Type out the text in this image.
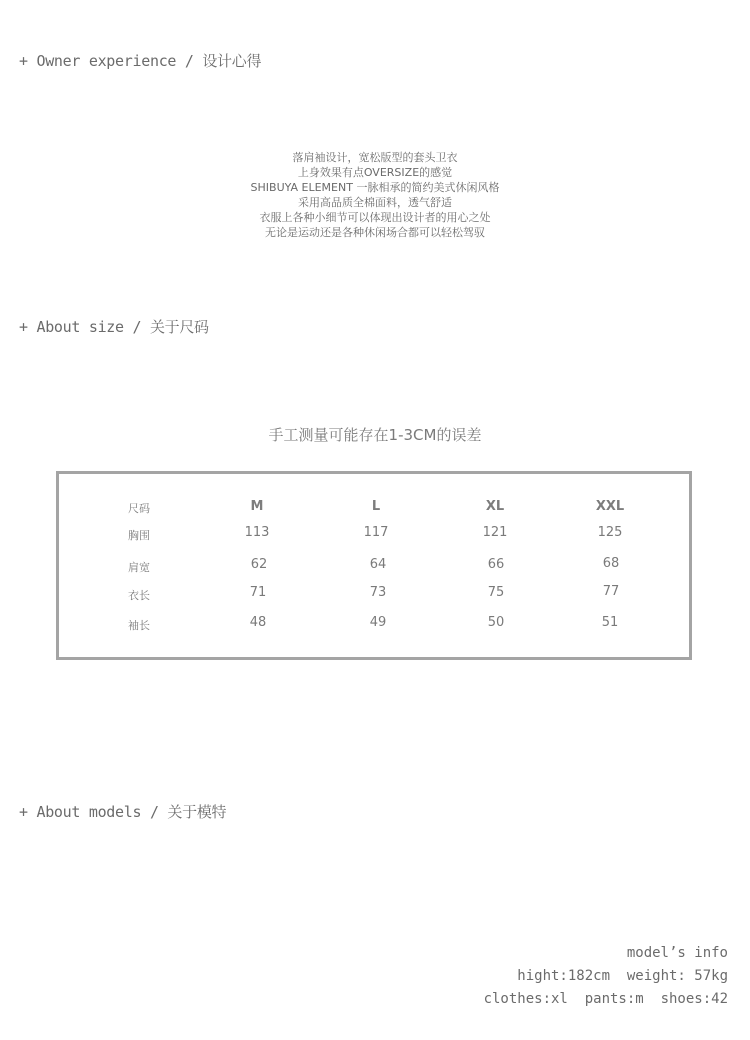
+ Owner experience / 设计心得
落肩袖设计，宽松版型的套头卫衣
上身效果有点OVERSIZE的感觉
SHIBUYA ELEMENT 一脉相承的简约美式休闲风格
采用高品质全棉面料，透气舒适
衣服上各种小细节可以体现出设计者的用心之处
无论是运动还是各种休闲场合都可以轻松驾驭
+ About size / 关于尺码
手工测量可能存在1-3CM的误差
尺码	M	L	XL	XXL
胸围	113	117	121	125
肩宽	62	64	66	68
衣长	71	73	75	77
袖长	48	49	50	51
+ About models / 关于模特
model’s info
hight:182cm  weight: 57kg
clothes:xl  pants:m  shoes:42
